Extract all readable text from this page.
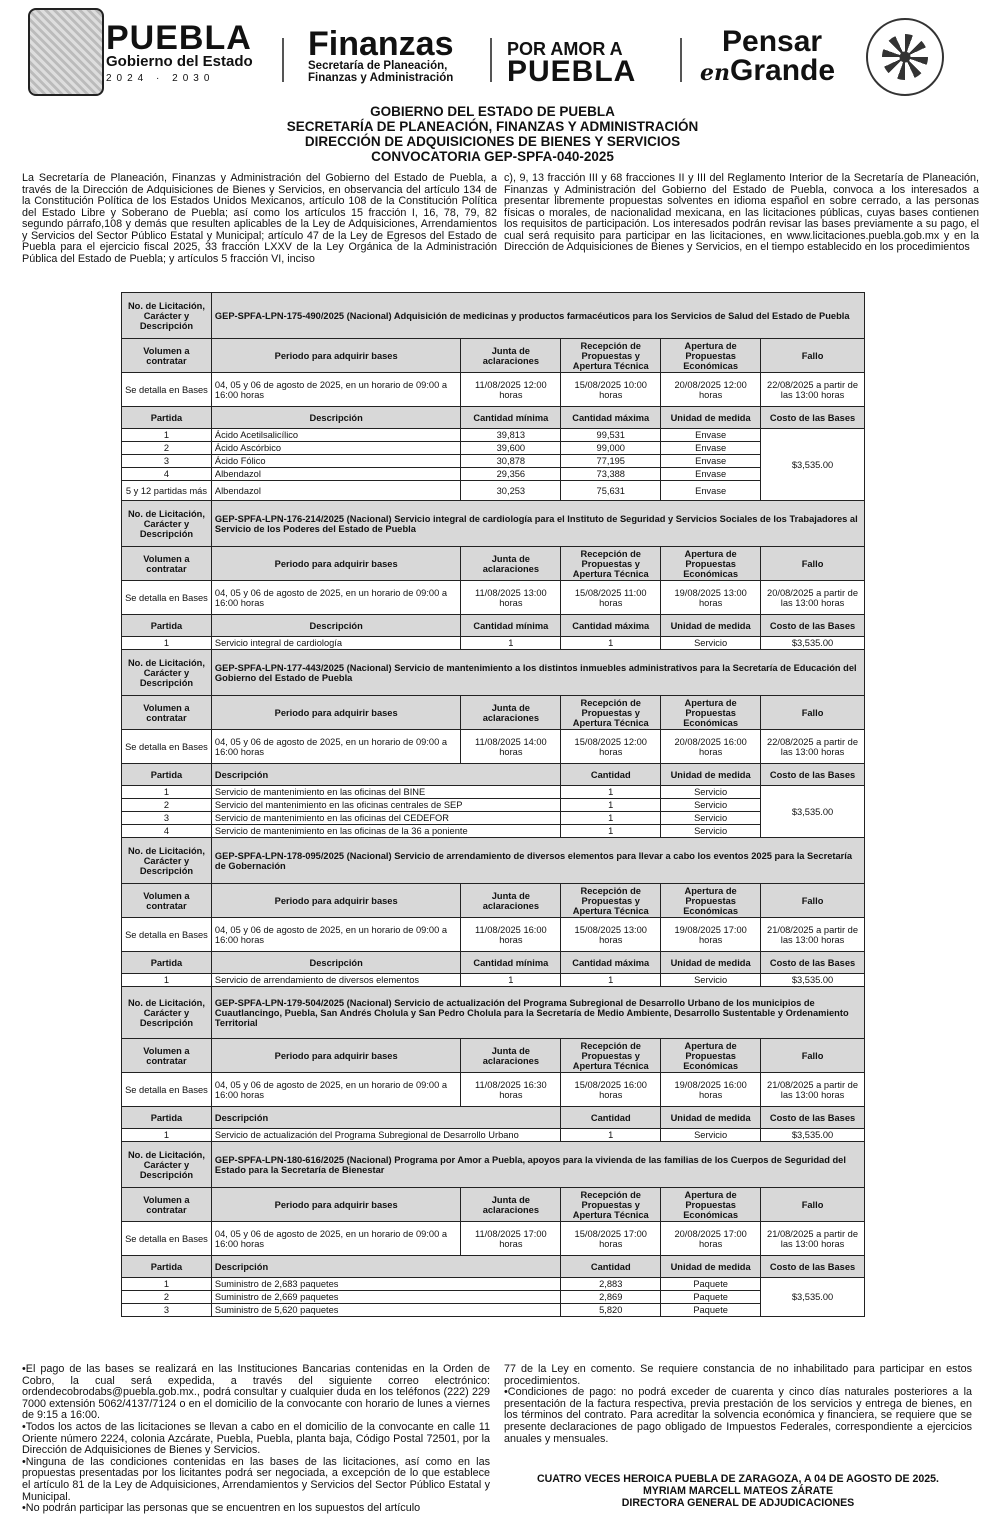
PUEBLA
Gobierno del Estado
2024 · 2030
Finanzas
Secretaría de Planeación,
Finanzas y Administración
POR AMOR A
PUEBLA
Pensar
enGrande
GOBIERNO DEL ESTADO DE PUEBLA
SECRETARÍA DE PLANEACIÓN, FINANZAS Y ADMINISTRACIÓN
DIRECCIÓN DE ADQUISICIONES DE BIENES Y SERVICIOS
CONVOCATORIA GEP-SPFA-040-2025
La Secretaría de Planeación, Finanzas y Administración del Gobierno del Estado de Puebla, a través de la Dirección de Adquisiciones de Bienes y Servicios, en observancia del artículo 134 de la Constitución Política de los Estados Unidos Mexicanos, artículo 108 de la Constitución Política del Estado Libre y Soberano de Puebla; así como los artículos 15 fracción I, 16, 78, 79, 82 segundo párrafo,108 y demás que resulten aplicables de la Ley de Adquisiciones, Arrendamientos y Servicios del Sector Público Estatal y Municipal; artículo 47 de la Ley de Egresos del Estado de Puebla para el ejercicio fiscal 2025, 33 fracción LXXV de la Ley Orgánica de la Administración Pública del Estado de Puebla; y artículos 5 fracción VI, inciso
c), 9, 13 fracción III y 68 fracciones II y III del Reglamento Interior de la Secretaría de Planeación, Finanzas y Administración del Gobierno del Estado de Puebla, convoca a los interesados a presentar libremente propuestas solventes en idioma español en sobre cerrado, a las personas físicas o morales, de nacionalidad mexicana, en las licitaciones públicas, cuyas bases contienen los requisitos de participación. Los interesados podrán revisar las bases previamente a su pago, el cual será requisito para participar en las licitaciones, en www.licitaciones.puebla.gob.mx y en la Dirección de Adquisiciones de Bienes y Servicios, en el tiempo establecido en los procedimientos
No. de Licitación, Carácter y Descripción	GEP-SPFA-LPN-175-490/2025 (Nacional) Adquisición de medicinas y productos farmacéuticos para los Servicios de Salud del Estado de Puebla				
Volumen a contratar	Periodo para adquirir bases	Junta de aclaraciones	Recepción de Propuestas y Apertura Técnica	Apertura de Propuestas Económicas	Fallo
Se detalla en Bases	04, 05 y 06 de agosto de 2025, en un horario de 09:00 a 16:00 horas	11/08/2025 12:00 horas	15/08/2025 10:00 horas	20/08/2025 12:00 horas	22/08/2025 a partir de las 13:00 horas
Partida	Descripción	Cantidad mínima	Cantidad máxima	Unidad de medida	Costo de las Bases
1	Ácido Acetilsalicílico	39,813	99,531	Envase	$3,535.00
2	Ácido Ascórbico	39,600	99,000	Envase	
3	Ácido Fólico	30,878	77,195	Envase	
4	Albendazol	29,356	73,388	Envase	
5 y 12 partidas más	Albendazol	30,253	75,631	Envase	
No. de Licitación, Carácter y Descripción	GEP-SPFA-LPN-176-214/2025 (Nacional) Servicio integral de cardiología para el Instituto de Seguridad y Servicios Sociales de los Trabajadores al Servicio de los Poderes del Estado de Puebla				
Volumen a contratar	Periodo para adquirir bases	Junta de aclaraciones	Recepción de Propuestas y Apertura Técnica	Apertura de Propuestas Económicas	Fallo
Se detalla en Bases	04, 05 y 06 de agosto de 2025, en un horario de 09:00 a 16:00 horas	11/08/2025 13:00 horas	15/08/2025 11:00 horas	19/08/2025 13:00 horas	20/08/2025 a partir de las 13:00 horas
Partida	Descripción	Cantidad mínima	Cantidad máxima	Unidad de medida	Costo de las Bases
1	Servicio integral de cardiología	1	1	Servicio	$3,535.00
No. de Licitación, Carácter y Descripción	GEP-SPFA-LPN-177-443/2025 (Nacional) Servicio de mantenimiento a los distintos inmuebles administrativos para la Secretaría de Educación del Gobierno del Estado de Puebla				
Volumen a contratar	Periodo para adquirir bases	Junta de aclaraciones	Recepción de Propuestas y Apertura Técnica	Apertura de Propuestas Económicas	Fallo
Se detalla en Bases	04, 05 y 06 de agosto de 2025, en un horario de 09:00 a 16:00 horas	11/08/2025 14:00 horas	15/08/2025 12:00 horas	20/08/2025 16:00 horas	22/08/2025 a partir de las 13:00 horas
Partida	Descripción		Cantidad	Unidad de medida	Costo de las Bases
1	Servicio de mantenimiento en las oficinas del BINE		1	Servicio	$3,535.00
2	Servicio del mantenimiento en las oficinas centrales de SEP		1	Servicio	
3	Servicio de mantenimiento en las oficinas del CEDEFOR		1	Servicio	
4	Servicio de mantenimiento en las oficinas de la 36 a poniente		1	Servicio	
No. de Licitación, Carácter y Descripción	GEP-SPFA-LPN-178-095/2025 (Nacional) Servicio de arrendamiento de diversos elementos para llevar a cabo los eventos 2025 para la Secretaría de Gobernación				
Volumen a contratar	Periodo para adquirir bases	Junta de aclaraciones	Recepción de Propuestas y Apertura Técnica	Apertura de Propuestas Económicas	Fallo
Se detalla en Bases	04, 05 y 06 de agosto de 2025, en un horario de 09:00 a 16:00 horas	11/08/2025 16:00 horas	15/08/2025 13:00 horas	19/08/2025 17:00 horas	21/08/2025 a partir de las 13:00 horas
Partida	Descripción	Cantidad mínima	Cantidad máxima	Unidad de medida	Costo de las Bases
1	Servicio de arrendamiento de diversos elementos	1	1	Servicio	$3,535.00
No. de Licitación, Carácter y Descripción	GEP-SPFA-LPN-179-504/2025 (Nacional) Servicio de actualización del Programa Subregional de Desarrollo Urbano de los municipios de Cuautlancingo, Puebla, San Andrés Cholula y San Pedro Cholula para la Secretaría de Medio Ambiente, Desarrollo Sustentable y Ordenamiento Territorial				
Volumen a contratar	Periodo para adquirir bases	Junta de aclaraciones	Recepción de Propuestas y Apertura Técnica	Apertura de Propuestas Económicas	Fallo
Se detalla en Bases	04, 05 y 06 de agosto de 2025, en un horario de 09:00 a 16:00 horas	11/08/2025 16:30 horas	15/08/2025 16:00 horas	19/08/2025 16:00 horas	21/08/2025 a partir de las 13:00 horas
Partida	Descripción		Cantidad	Unidad de medida	Costo de las Bases
1	Servicio de actualización del Programa Subregional de Desarrollo Urbano		1	Servicio	$3,535.00
No. de Licitación, Carácter y Descripción	GEP-SPFA-LPN-180-616/2025 (Nacional) Programa por Amor a Puebla, apoyos para la vivienda de las familias de los Cuerpos de Seguridad del Estado para la Secretaría de Bienestar				
Volumen a contratar	Periodo para adquirir bases	Junta de aclaraciones	Recepción de Propuestas y Apertura Técnica	Apertura de Propuestas Económicas	Fallo
Se detalla en Bases	04, 05 y 06 de agosto de 2025, en un horario de 09:00 a 16:00 horas	11/08/2025 17:00 horas	15/08/2025 17:00 horas	20/08/2025 17:00 horas	21/08/2025 a partir de las 13:00 horas
Partida	Descripción		Cantidad	Unidad de medida	Costo de las Bases
1	Suministro de 2,683 paquetes		2,883	Paquete	$3,535.00
2	Suministro de 2,669 paquetes		2,869	Paquete	
3	Suministro de 5,620 paquetes		5,820	Paquete	

•El pago de las bases se realizará en las Instituciones Bancarias contenidas en la Orden de Cobro, la cual será expedida, a través del siguiente correo electrónico: ordendecobrodabs@puebla.gob.mx., podrá consultar y cualquier duda en los teléfonos (222) 229 7000 extensión 5062/4137/7124 o en el domicilio de la convocante con horario de lunes a viernes de 9:15 a 16:00.

•Todos los actos de las licitaciones se llevan a cabo en el domicilio de la convocante en calle 11 Oriente número 2224, colonia Azcárate, Puebla, Puebla, planta baja, Código Postal 72501, por la Dirección de Adquisiciones de Bienes y Servicios.

•Ninguna de las condiciones contenidas en las bases de las licitaciones, así como en las propuestas presentadas por los licitantes podrá ser negociada, a excepción de lo que establece el artículo 81 de la Ley de Adquisiciones, Arrendamientos y Servicios del Sector Público Estatal y Municipal.

•No podrán participar las personas que se encuentren en los supuestos del artículo

77 de la Ley en comento. Se requiere constancia de no inhabilitado para participar en estos procedimientos.

•Condiciones de pago: no podrá exceder de cuarenta y cinco días naturales posteriores a la presentación de la factura respectiva, previa prestación de los servicios y entrega de bienes, en los términos del contrato. Para acreditar la solvencia económica y financiera, se requiere que se presente declaraciones de pago obligado de Impuestos Federales, correspondiente a ejercicios anuales y mensuales.

CUATRO VECES HEROICA PUEBLA DE ZARAGOZA, A 04 DE AGOSTO DE 2025.
MYRIAM MARCELL MATEOS ZÁRATE
DIRECTORA GENERAL DE ADJUDICACIONES
